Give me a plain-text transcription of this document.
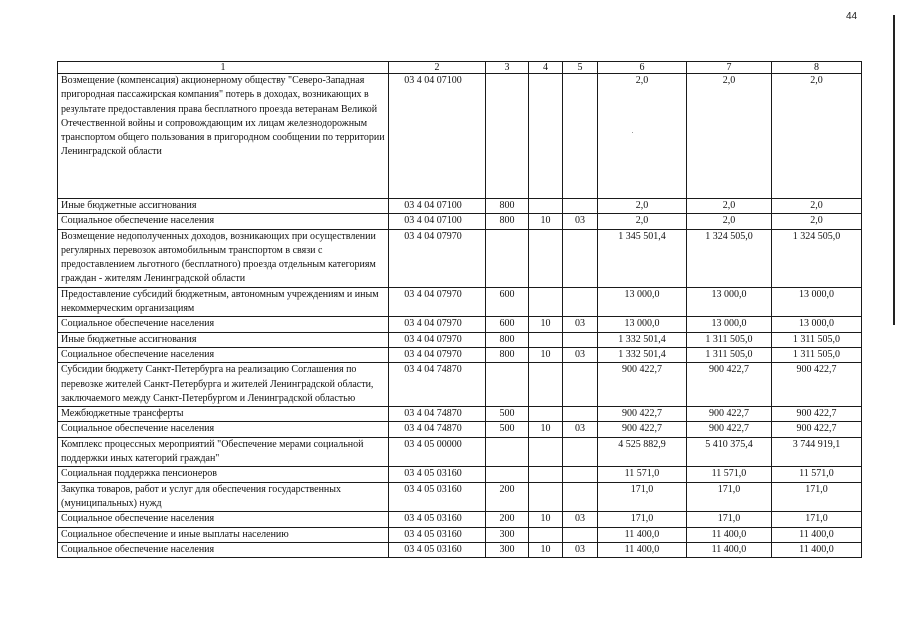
44
1	2	3	4	5	6	7	8
Возмещение (компенсация) акционерному обществу "Северо-Западная пригородная пассажирская компания" потерь в доходах, возникающих в результате предоставления права бесплатного проезда ветеранам Великой Отечественной войны и сопровождающим их лицам железнодорожным транспортом общего пользования в пригородном сообщении по территории Ленинградской области	03 4 04 07100				2,0	2,0	2,0
Иные бюджетные ассигнования	03 4 04 07100	800			2,0	2,0	2,0
Социальное обеспечение населения	03 4 04 07100	800	10	03	2,0	2,0	2,0
Возмещение недополученных доходов, возникающих при осуществлении регулярных перевозок автомобильным транспортом в связи с предоставлением льготного (бесплатного) проезда отдельным категориям граждан - жителям Ленинградской области	03 4 04 07970				1 345 501,4	1 324 505,0	1 324 505,0
Предоставление субсидий бюджетным, автономным учреждениям и иным некоммерческим организациям	03 4 04 07970	600			13 000,0	13 000,0	13 000,0
Социальное обеспечение населения	03 4 04 07970	600	10	03	13 000,0	13 000,0	13 000,0
Иные бюджетные ассигнования	03 4 04 07970	800			1 332 501,4	1 311 505,0	1 311 505,0
Социальное обеспечение населения	03 4 04 07970	800	10	03	1 332 501,4	1 311 505,0	1 311 505,0
Субсидии бюджету Санкт-Петербурга на реализацию Соглашения по перевозке жителей Санкт-Петербурга и жителей Ленинградской области, заключаемого между Санкт-Петербургом и Ленинградской областью	03 4 04 74870				900 422,7	900 422,7	900 422,7
Межбюджетные трансферты	03 4 04 74870	500			900 422,7	900 422,7	900 422,7
Социальное обеспечение населения	03 4 04 74870	500	10	03	900 422,7	900 422,7	900 422,7
Комплекс процессных мероприятий "Обеспечение мерами социальной поддержки иных категорий граждан"	03 4 05 00000				4 525 882,9	5 410 375,4	3 744 919,1
Социальная поддержка пенсионеров	03 4 05 03160				11 571,0	11 571,0	11 571,0
Закупка товаров, работ и услуг для обеспечения государственных (муниципальных) нужд	03 4 05 03160	200			171,0	171,0	171,0
Социальное обеспечение населения	03 4 05 03160	200	10	03	171,0	171,0	171,0
Социальное обеспечение и иные выплаты населению	03 4 05 03160	300			11 400,0	11 400,0	11 400,0
Социальное обеспечение населения	03 4 05 03160	300	10	03	11 400,0	11 400,0	11 400,0
